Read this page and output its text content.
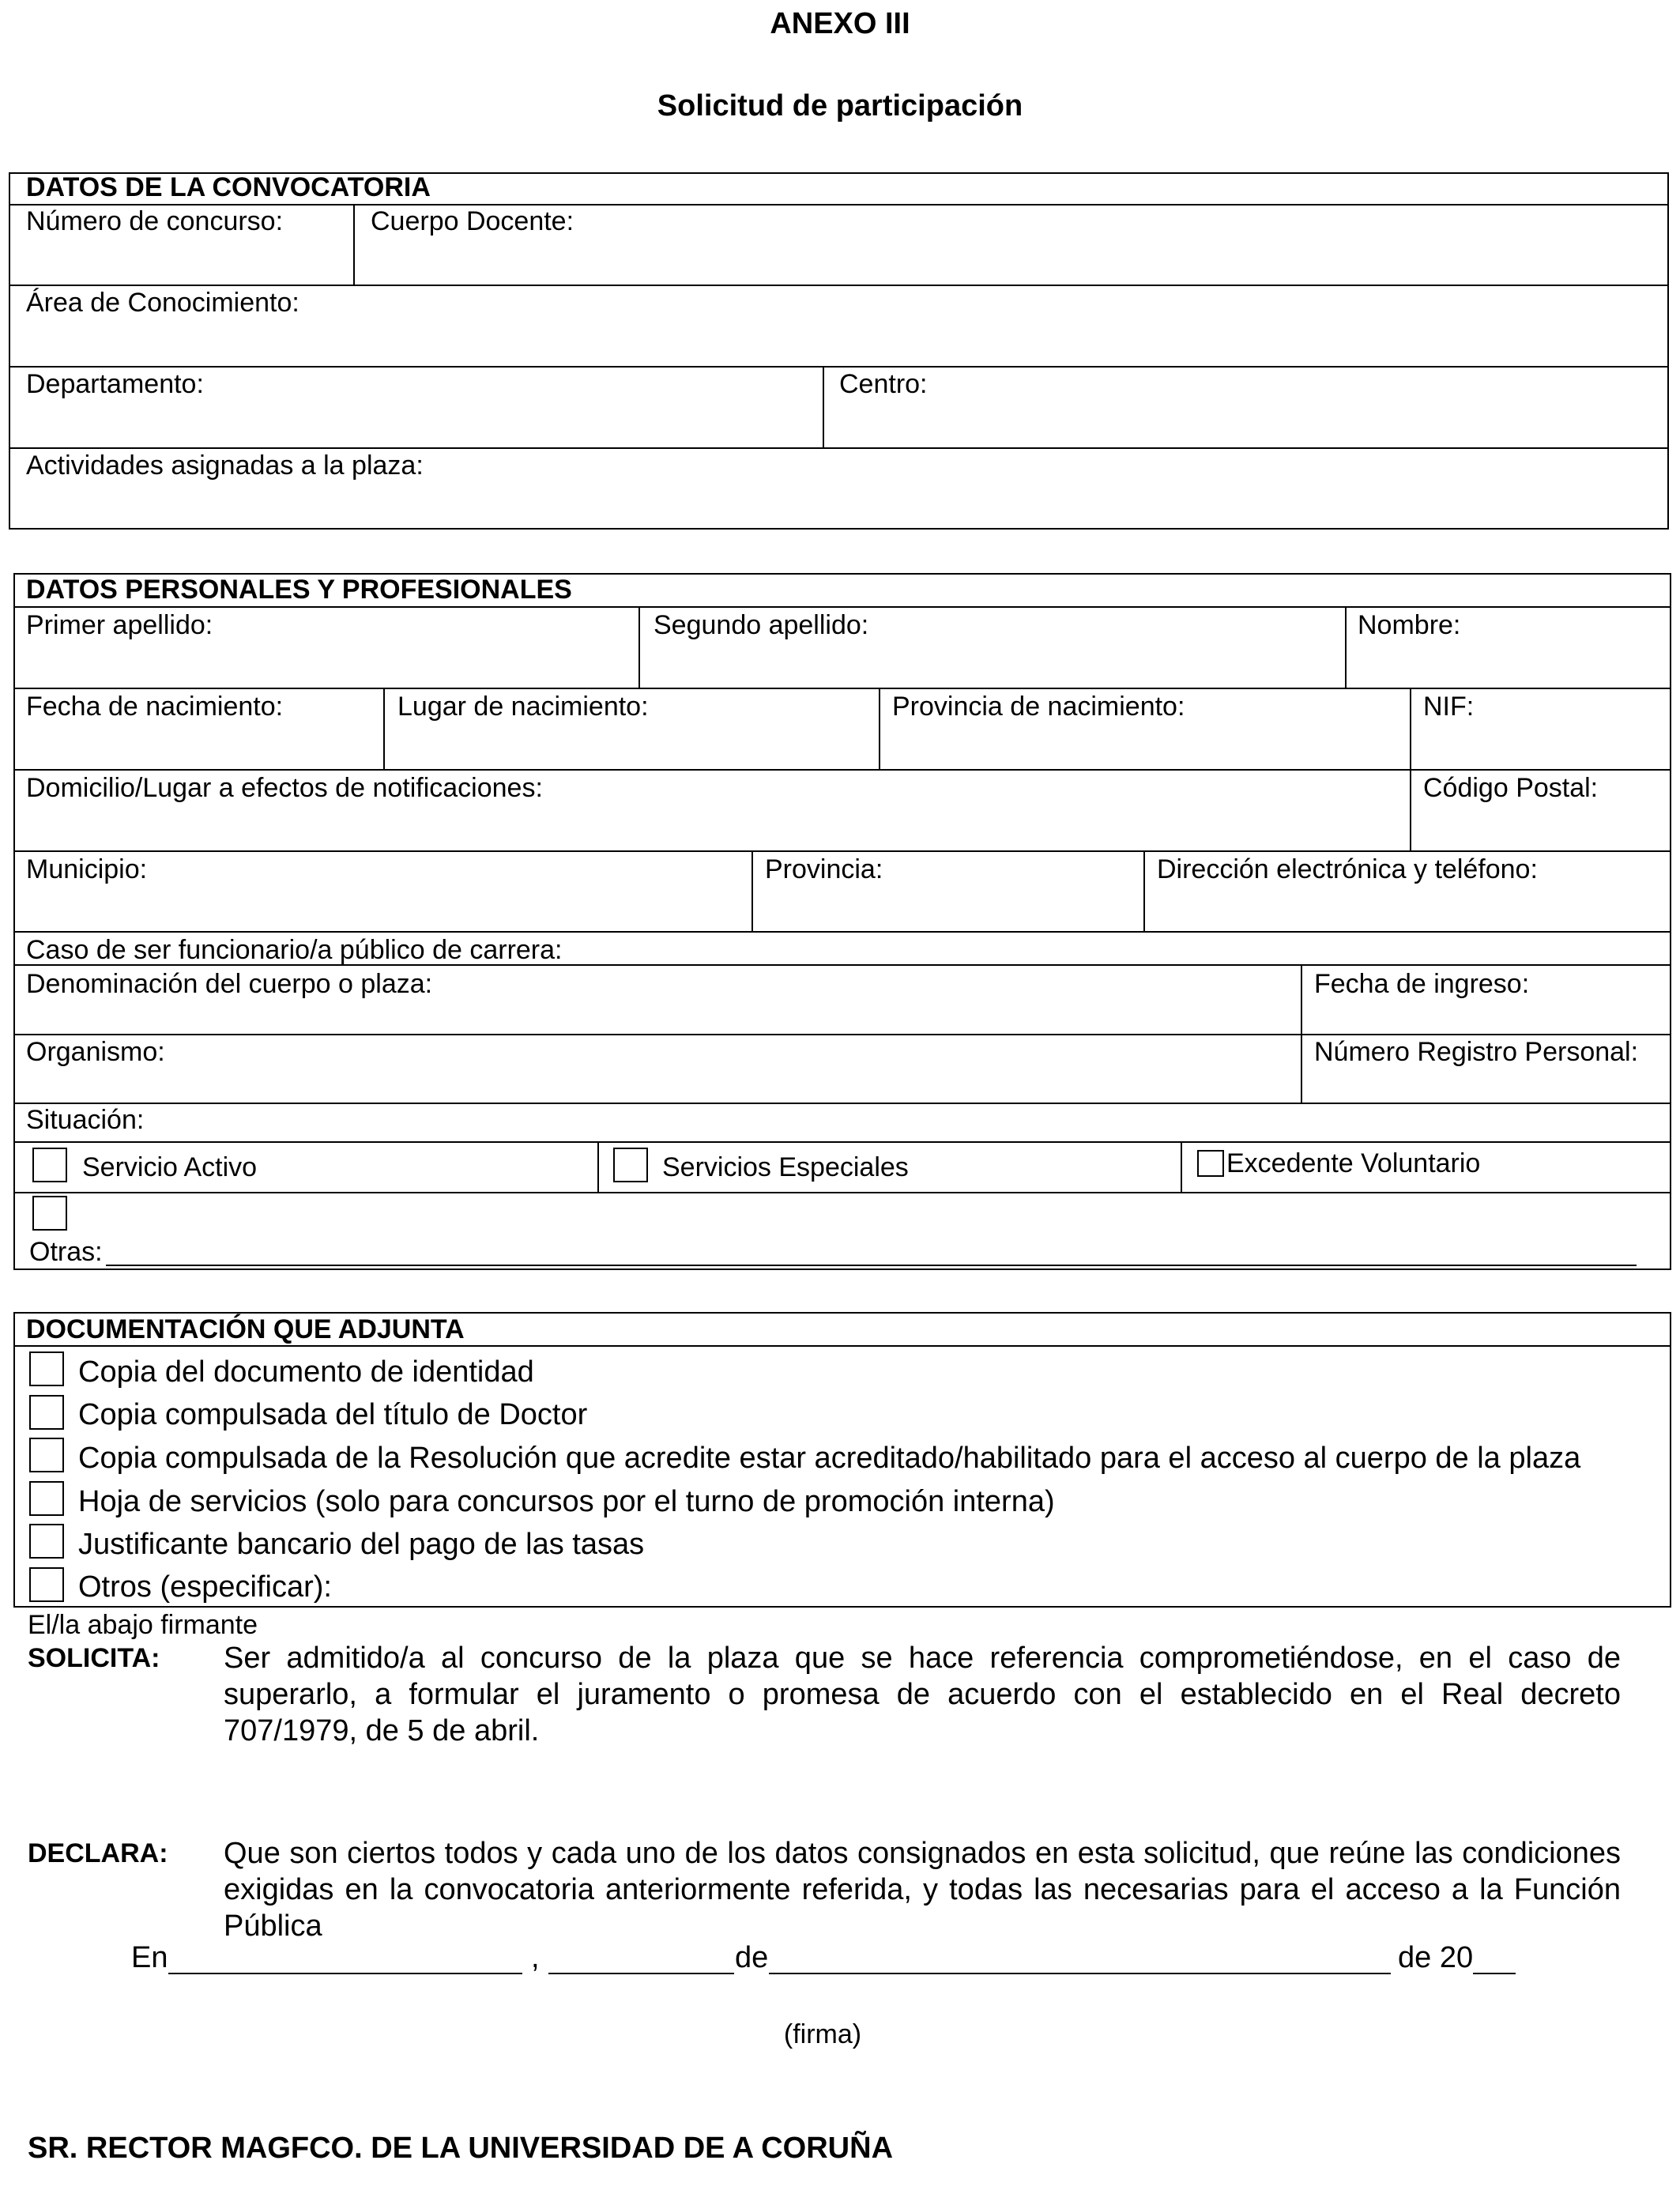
ANEXO III
Solicitud de participación
DATOS DE LA CONVOCATORIA
Número de concurso:	Cuerpo Docente:
Área de Conocimiento:
Departamento:	Centro:
Actividades asignadas a la plaza:
DATOS PERSONALES Y PROFESIONALES
Primer apellido:	Segundo apellido:	Nombre:
Fecha de nacimiento:	Lugar de nacimiento:	Provincia de nacimiento:	NIF:
Domicilio/Lugar a efectos de notificaciones:	Código Postal:
Municipio:	Provincia:	Dirección electrónica y teléfono:
Caso de ser funcionario/a público de carrera:
Denominación del cuerpo o plaza:	Fecha de ingreso:
Organismo:	Número Registro Personal:
Situación:
Servicio Activo	Servicios Especiales	Excedente Voluntario
Otras:
DOCUMENTACIÓN QUE ADJUNTA
Copia del documento de identidad
Copia compulsada del título de Doctor
Copia compulsada de la Resolución que acredite estar acreditado/habilitado para el acceso al cuerpo de la plaza
Hoja de servicios (solo para concursos por el turno de promoción interna)
Justificante bancario del pago de las tasas
Otros (especificar):
El/la abajo firmante
SOLICITA: Ser admitido/a al concurso de la plaza que se hace referencia comprometiéndose, en el caso de superarlo, a formular el juramento o promesa de acuerdo con el establecido en el Real decreto 707/1979, de 5 de abril.
DECLARA: Que son ciertos todos y cada uno de los datos consignados en esta solicitud, que reúne las condiciones exigidas en la convocatoria anteriormente referida, y todas las necesarias para el acceso a la Función Pública
En	,	de	de 20
(firma)
SR. RECTOR MAGFCO. DE LA UNIVERSIDAD DE A CORUÑA
